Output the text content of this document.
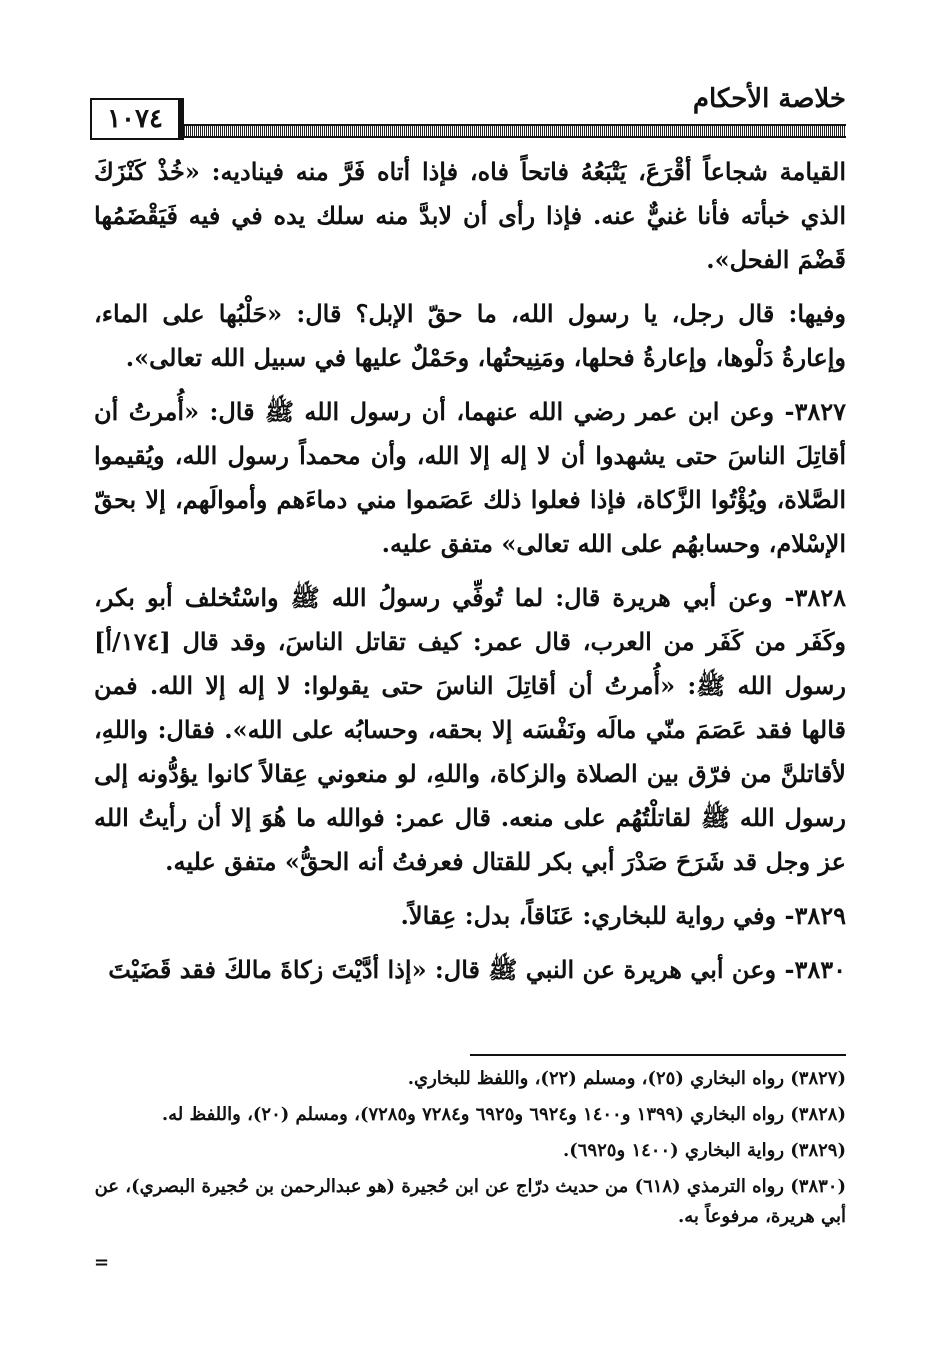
خلاصة الأحكام
١٠٧٤

القيامة شجاعاً أقْرَعَ، يَتْبَعُهُ فاتحاً فاه، فإذا أتاه فَرَّ منه فيناديه: «خُذْ كَنْزَكَ الذي خبأته فأنا غنيٌّ عنه. فإذا رأى أن لابدَّ منه سلك يده في فيه فَيَقْضَمُها قَضْمَ الفحل».

وفيها: قال رجل، يا رسول الله، ما حقّ الإبل؟ قال: «حَلْبُها على الماء، وإعارةُ دَلْوها، وإعارةُ فحلها، ومَنِيحتُها، وحَمْلٌ عليها في سبيل الله تعالى».

٣٨٢٧- وعن ابن عمر رضي الله عنهما، أن رسول الله ﷺ قال: «أُمرتُ أن أقاتِلَ الناسَ حتى يشهدوا أن لا إله إلا الله، وأن محمداً رسول الله، ويُقيموا الصَّلاة، ويُؤْتُوا الزَّكاة، فإذا فعلوا ذلك عَصَموا مني دماءَهم وأموالَهم، إلا بحقّ الإسْلام، وحسابهُم على الله تعالى» متفق عليه.

٣٨٢٨- وعن أبي هريرة قال: لما تُوفِّي رسولُ الله ﷺ واسْتُخلف أبو بكر، وكَفَر من كَفَر من العرب، قال عمر: كيف تقاتل الناسَ، وقد قال [١٧٤/أ] رسول الله ﷺ: «أُمرتُ أن أقاتِلَ الناسَ حتى يقولوا: لا إله إلا الله. فمن قالها فقد عَصَمَ منّي مالَه ونَفْسَه إلا بحقه، وحسابُه على الله». فقال: واللهِ، لأقاتلنَّ من فرّق بين الصلاة والزكاة، واللهِ، لو منعوني عِقالاً كانوا يؤدُّونه إلى رسول الله ﷺ لقاتلْتُهُم على منعه. قال عمر: فوالله ما هُوَ إلا أن رأيتُ الله عز وجل قد شَرَحَ صَدْرَ أبي بكر للقتال فعرفتُ أنه الحقُّ» متفق عليه.

٣٨٢٩- وفي رواية للبخاري: عَنَاقاً، بدل: عِقالاً.

٣٨٣٠- وعن أبي هريرة عن النبي ﷺ قال: «إذا أدَّيْتَ زكاةَ مالكَ فقد قَضَيْتَ

(٣٨٢٧) رواه البخاري (٢٥)، ومسلم (٢٢)، واللفظ للبخاري.

(٣٨٢٨) رواه البخاري (١٣٩٩ و١٤٠٠ و٦٩٢٤ و٦٩٢٥ و٧٢٨٤ و٧٢٨٥)، ومسلم (٢٠)، واللفظ له.

(٣٨٢٩) رواية البخاري (١٤٠٠ و٦٩٢٥).

(٣٨٣٠) رواه الترمذي (٦١٨) من حديث درّاج عن ابن حُجيرة (هو عبدالرحمن بن حُجيرة البصري)، عن أبي هريرة، مرفوعاً به.

=
